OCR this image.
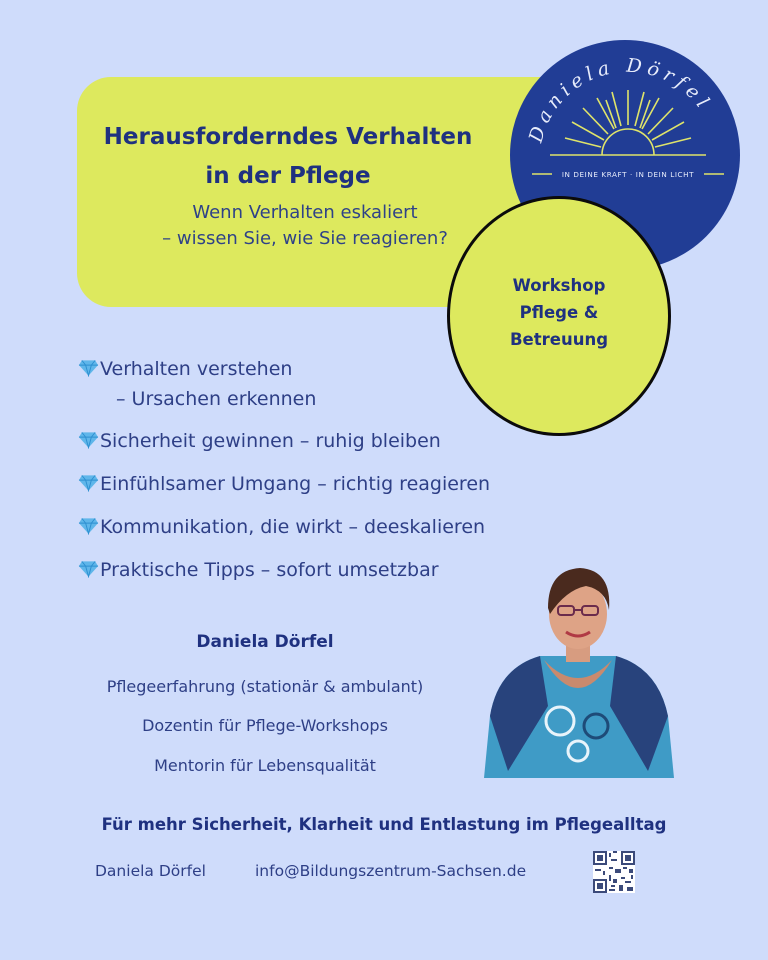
Herausforderndes Verhalten
in der Pflege
Wenn Verhalten eskaliert
– wissen Sie, wie Sie reagieren?
Daniela Dörfel
IN DEINE KRAFT · IN DEIN LICHT
Workshop
Pflege &
Betreuung
Verhalten verstehen
– Ursachen erkennen
Sicherheit gewinnen – ruhig bleiben
Einfühlsamer Umgang – richtig reagieren
Kommunikation, die wirkt – deeskalieren
Praktische Tipps – sofort umsetzbar
Daniela Dörfel
Pflegeerfahrung (stationär & ambulant)
Dozentin für Pflege-Workshops
Mentorin für Lebensqualität
Für mehr Sicherheit, Klarheit und Entlastung im Pflegealltag
Daniela Dörfel	info@Bildungszentrum-Sachsen.de
